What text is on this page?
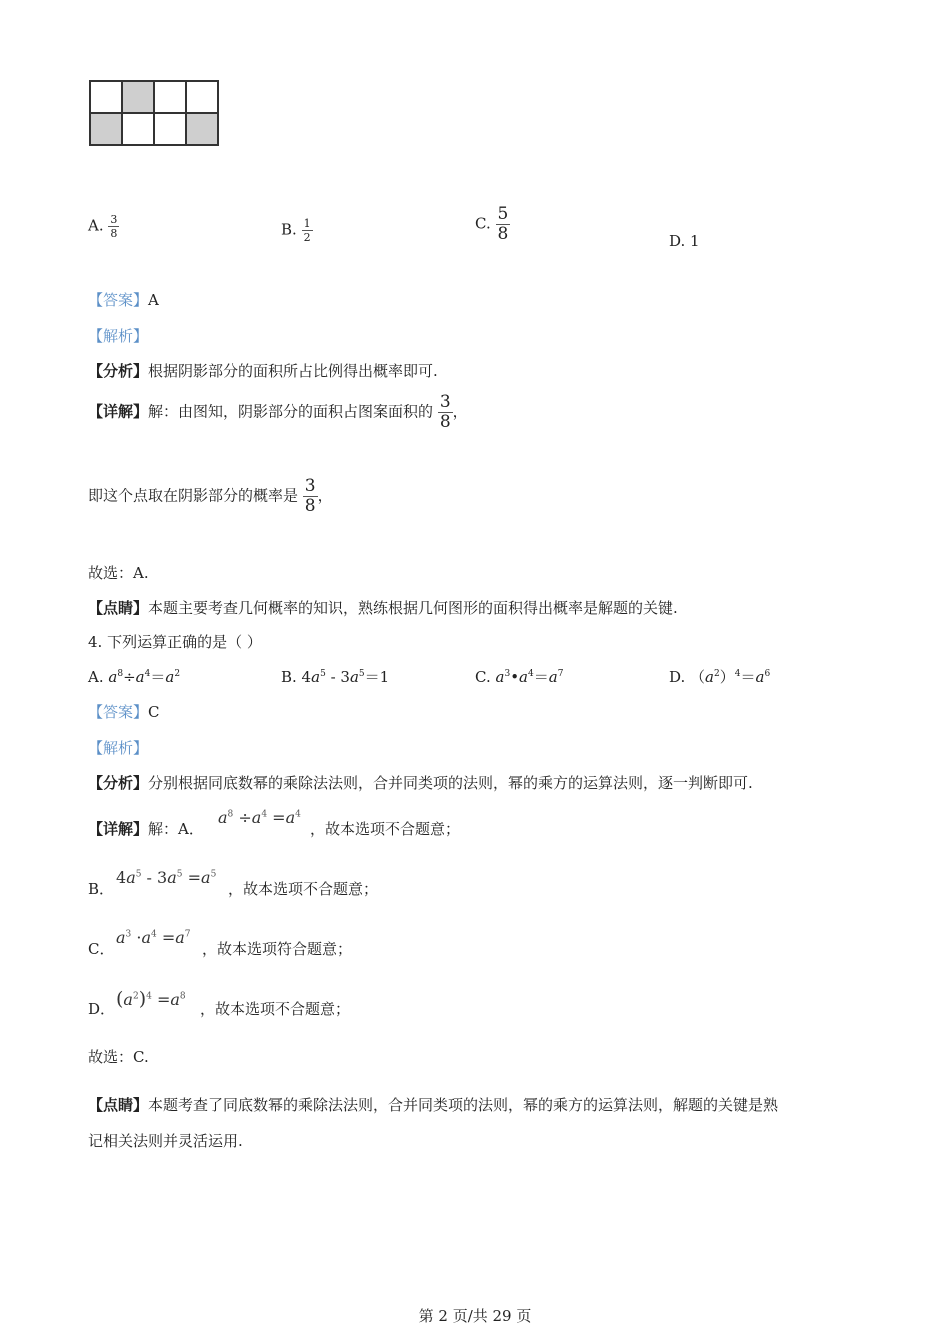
A. $\frac{3}{8}$	B. $\frac{1}{2}$	C. $\frac{5}{8}$	D. 1
【答案】A
【解析】
【分析】根据阴影部分的面积所占比例得出概率即可.
【详解】解：由图知，阴影部分的面积占图案面积的 $\frac{3}{8}$ ，
即这个点取在阴影部分的概率是 $\frac{3}{8}$ ，
故选：A.
【点睛】本题主要考查几何概率的知识，熟练根据几何图形的面积得出概率是解题的关键.
4. 下列运算正确的是（ ）
A. $a^8\div a^4=a^2$	B. $4a^5 - 3a^5=1$	C. $a^3•a^4=a^7$	D. $(a^2)^4=a^6$
【答案】C
【解析】
【分析】分别根据同底数幂的乘除法法则，合并同类项的法则，幂的乘方的运算法则，逐一判断即可.
【详解】解：A．
$a^8 \div a^4 =a^4$
，故本选项不合题意；
B．
$4a^5 - 3a^5 =a^5$
，故本选项不合题意；
C．
$a^3 \cdot a^4 =a^7$
，故本选项符合题意；
D． $(a^2)^4 =a^8$
，故本选项不合题意；
故选：C.
【点睛】本题考查了同底数幂的乘除法法则，合并同类项的法则，幂的乘方的运算法则，解题的关键是熟
记相关法则并灵活运用.
第 2 页/共 29 页
